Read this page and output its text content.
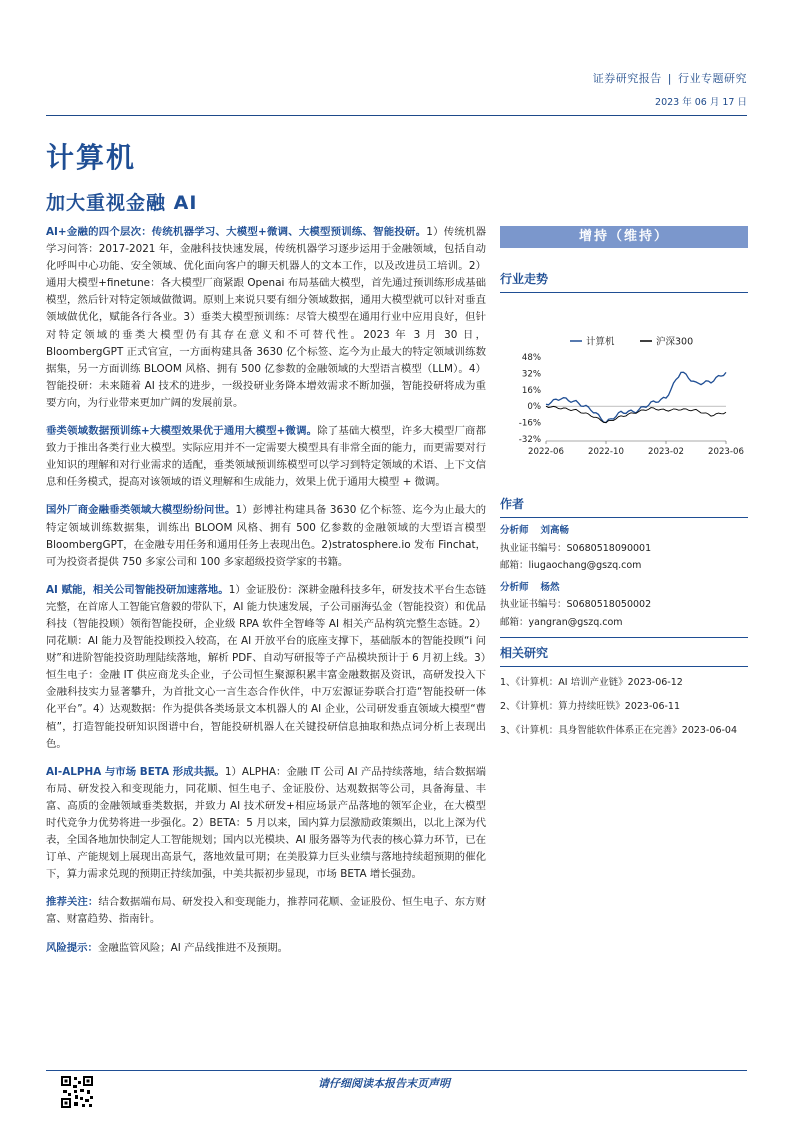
证券研究报告 | 行业专题研究
2023 年 06 月 17 日
计算机
加大重视金融 AI

AI+金融的四个层次：传统机器学习、大模型+微调、大模型预训练、智能投研。1）传统机器学习问答：2017-2021 年，金融科技快速发展，传统机器学习逐步运用于金融领域，包括自动化呼叫中心功能、安全领域、优化面向客户的聊天机器人的文本工作，以及改进员工培训。2）通用大模型+finetune：各大模型厂商紧跟 Openai 布局基础大模型，首先通过预训练形成基础模型，然后针对特定领域做微调。原则上来说只要有细分领域数据，通用大模型就可以针对垂直领域做优化，赋能各行各业。3）垂类大模型预训练：尽管大模型在通用行业中应用良好，但针对特定领域的垂类大模型仍有其存在意义和不可替代性。2023 年 3 月 30 日，BloombergGPT 正式官宣，一方面构建具备 3630 亿个标签、迄今为止最大的特定领域训练数据集，另一方面训练 BLOOM 风格、拥有 500 亿参数的金融领域的大型语言模型（LLM）。4）智能投研：未来随着 AI 技术的进步，一级投研业务降本增效需求不断加强，智能投研将成为重要方向，为行业带来更加广阔的发展前景。

垂类领域数据预训练+大模型效果优于通用大模型+微调。除了基础大模型，许多大模型厂商都致力于推出各类行业大模型。实际应用并不一定需要大模型具有非常全面的能力，而更需要对行业知识的理解和对行业需求的适配，垂类领域预训练模型可以学习到特定领域的术语、上下文信息和任务模式，提高对该领域的语义理解和生成能力，效果上优于通用大模型 + 微调。

国外厂商金融垂类领域大模型纷纷问世。1）彭博社构建具备 3630 亿个标签、迄今为止最大的特定领域训练数据集，训练出 BLOOM 风格、拥有 500 亿参数的金融领域的大型语言模型 BloombergGPT，在金融专用任务和通用任务上表现出色。2)stratosphere.io 发布 Finchat，可为投资者提供 750 多家公司和 100 多家超级投资学家的书籍。

AI 赋能，相关公司智能投研加速落地。1）金证股份：深耕金融科技多年，研发技术平台生态链完整，在首席人工智能官詹毅的带队下，AI 能力快速发展，子公司丽海弘金（智能投资）和优品科技（智能投顾）领衔智能投研，企业级 RPA 软件全智峰等 AI 相关产品构筑完整生态链。2）同花顺：AI 能力及智能投顾投入较高，在 AI 开放平台的底座支撑下，基础版本的智能投顾“i 问财”和进阶智能投资助理陆续落地，解析 PDF、自动写研报等子产品模块预计于 6 月初上线。3）恒生电子：金融 IT 供应商龙头企业，子公司恒生聚源积累丰富金融数据及资讯，高研发投入下金融科技实力显著攀升，为首批文心一言生态合作伙伴，中万宏源证券联合打造“智能投研一体化平台”。4）达观数据：作为提供各类场景文本机器人的 AI 企业，公司研发垂直领域大模型“曹植”，打造智能投研知识图谱中台，智能投研机器人在关键投研信息抽取和热点词分析上表现出色。

AI-ALPHA 与市场 BETA 形成共振。1）ALPHA：金融 IT 公司 AI 产品持续落地，结合数据端布局、研发投入和变现能力，同花顺、恒生电子、金证股份、达观数据等公司，具备海量、丰富、高质的金融领域垂类数据，并致力 AI 技术研发+相应场景产品落地的领军企业，在大模型时代竞争力优势将进一步强化。2）BETA：5 月以来，国内算力层激励政策频出，以北上深为代表，全国各地加快制定人工智能规划；国内以光模块、AI 服务器等为代表的核心算力环节，已在订单、产能规划上展现出高景气，落地效量可期；在美股算力巨头业绩与落地持续超预期的催化下，算力需求兑现的预期正持续加强，中美共振初步显现，市场 BETA 增长强劲。

推荐关注：结合数据端布局、研发投入和变现能力，推荐同花顺、金证股份、恒生电子、东方财富、财富趋势、指南针。

风险提示：金融监管风险；AI 产品线推进不及预期。

增持（维持）
行业走势
48%
32%
16%
0%
-16%
-32%
2022-06	2022-10	2023-02	2023-06
计算机	沪深300
作者
分析师 刘高畅
执业证书编号：S0680518090001
邮箱：liugaochang@gszq.com
分析师 杨然
执业证书编号：S0680518050002
邮箱：yangran@gszq.com
相关研究
1、《计算机：AI 培训产业链》2023-06-12
2、《计算机：算力持续旺铁》2023-06-11
3、《计算机：具身智能软件体系正在完善》2023-06-04
请仔细阅读本报告末页声明
